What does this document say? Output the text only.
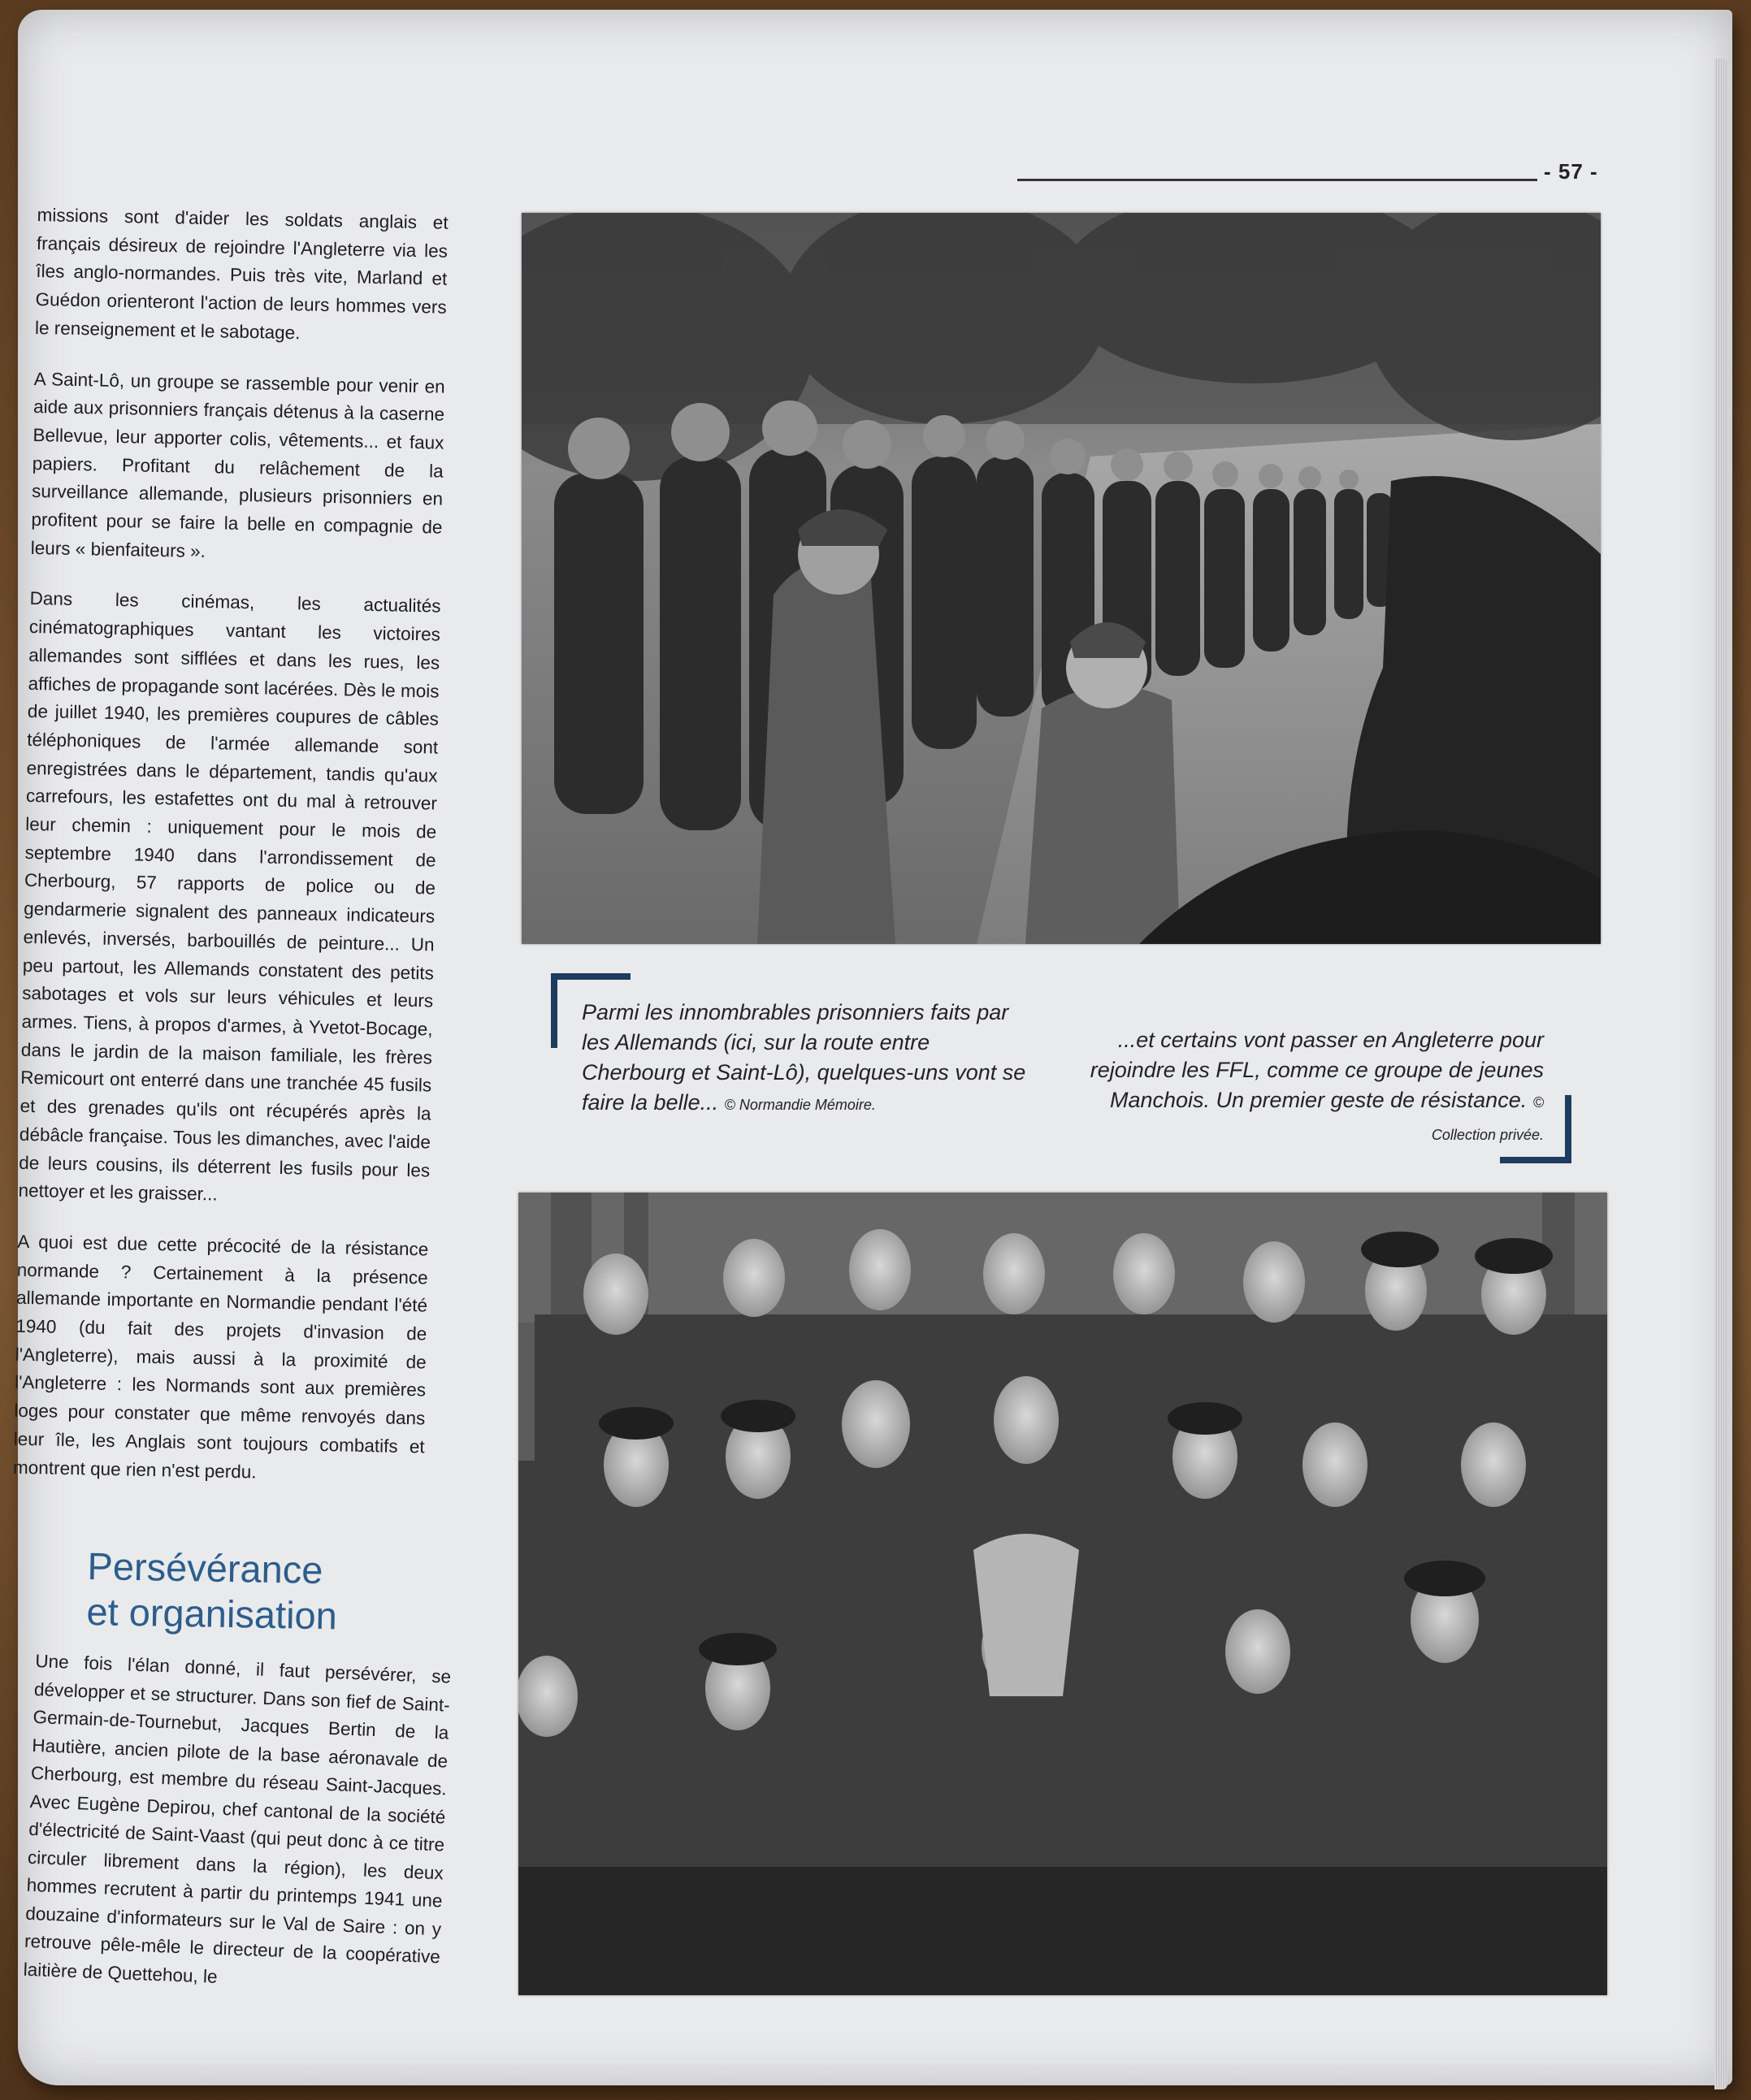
- 57 -

missions sont d'aider les soldats anglais et français désireux de rejoindre l'Angleterre via les îles anglo-normandes. Puis très vite, Marland et Guédon orienteront l'action de leurs hommes vers le renseignement et le sabotage.

A Saint-Lô, un groupe se rassemble pour venir en aide aux prisonniers français détenus à la caserne Bellevue, leur apporter colis, vêtements... et faux papiers. Profitant du relâchement de la surveillance allemande, plusieurs prisonniers en profitent pour se faire la belle en compagnie de leurs « bienfaiteurs ».

Dans les cinémas, les actualités cinématographiques vantant les victoires allemandes sont sifflées et dans les rues, les affiches de propagande sont lacérées. Dès le mois de juillet 1940, les premières coupures de câbles téléphoniques de l'armée allemande sont enregistrées dans le département, tandis qu'aux carrefours, les estafettes ont du mal à retrouver leur chemin : uniquement pour le mois de septembre 1940 dans l'arrondissement de Cherbourg, 57 rapports de police ou de gendarmerie signalent des panneaux indicateurs enlevés, inversés, barbouillés de peinture... Un peu partout, les Allemands constatent des petits sabotages et vols sur leurs véhicules et leurs armes. Tiens, à propos d'armes, à Yvetot-Bocage, dans le jardin de la maison familiale, les frères Remicourt ont enterré dans une tranchée 45 fusils et des grenades qu'ils ont récupérés après la débâcle française. Tous les dimanches, avec l'aide de leurs cousins, ils déterrent les fusils pour les nettoyer et les graisser...

A quoi est due cette précocité de la résistance normande ? Certainement à la présence allemande importante en Normandie pendant l'été 1940 (du fait des projets d'invasion de l'Angleterre), mais aussi à la proximité de l'Angleterre : les Normands sont aux premières loges pour constater que même renvoyés dans leur île, les Anglais sont toujours combatifs et montrent que rien n'est perdu.

Persévérance
et organisation
Une fois l'élan donné, il faut persévérer, se développer et se structurer. Dans son fief de Saint-Germain-de-Tournebut, Jacques Bertin de la Hautière, ancien pilote de la base aéronavale de Cherbourg, est membre du réseau Saint-Jacques. Avec Eugène Depirou, chef cantonal de la société d'électricité de Saint-Vaast (qui peut donc à ce titre circuler librement dans la région), les deux hommes recrutent à partir du printemps 1941 une douzaine d'informateurs sur le Val de Saire : on y retrouve pêle-mêle le directeur de la coopérative laitière de Quettehou, le
Parmi les innombrables prisonniers faits par les Allemands (ici, sur la route entre Cherbourg et Saint-Lô), quelques-uns vont se faire la belle... © Normandie Mémoire.
...et certains vont passer en Angleterre pour rejoindre les FFL, comme ce groupe de jeunes Manchois. Un premier geste de résistance. © Collection privée.
